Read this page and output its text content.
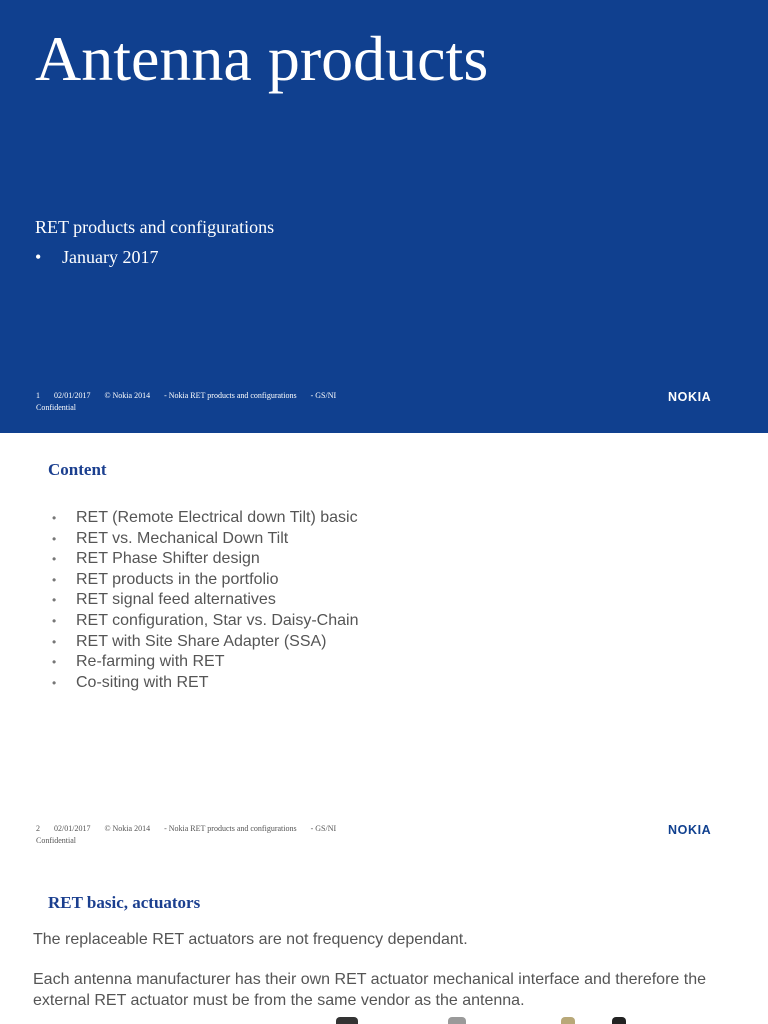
Antenna products
RET products and configurations
• January 2017
1 02/01/2017 © Nokia 2014 - Nokia RET products and configurations - GS/NI
Confidential
NOKIA
Content
• RET (Remote Electrical down Tilt) basic
• RET vs. Mechanical Down Tilt
• RET Phase Shifter design
• RET products in the portfolio
• RET signal feed alternatives
• RET configuration, Star vs. Daisy-Chain
• RET with Site Share Adapter (SSA)
• Re-farming with RET
• Co-siting with RET
2 02/01/2017 © Nokia 2014 - Nokia RET products and configurations - GS/NI
Confidential
NOKIA
RET basic, actuators

The replaceable RET actuators are not frequency dependant.

Each antenna manufacturer has their own RET actuator mechanical interface and therefore the external RET actuator must be from the same vendor as the antenna.
